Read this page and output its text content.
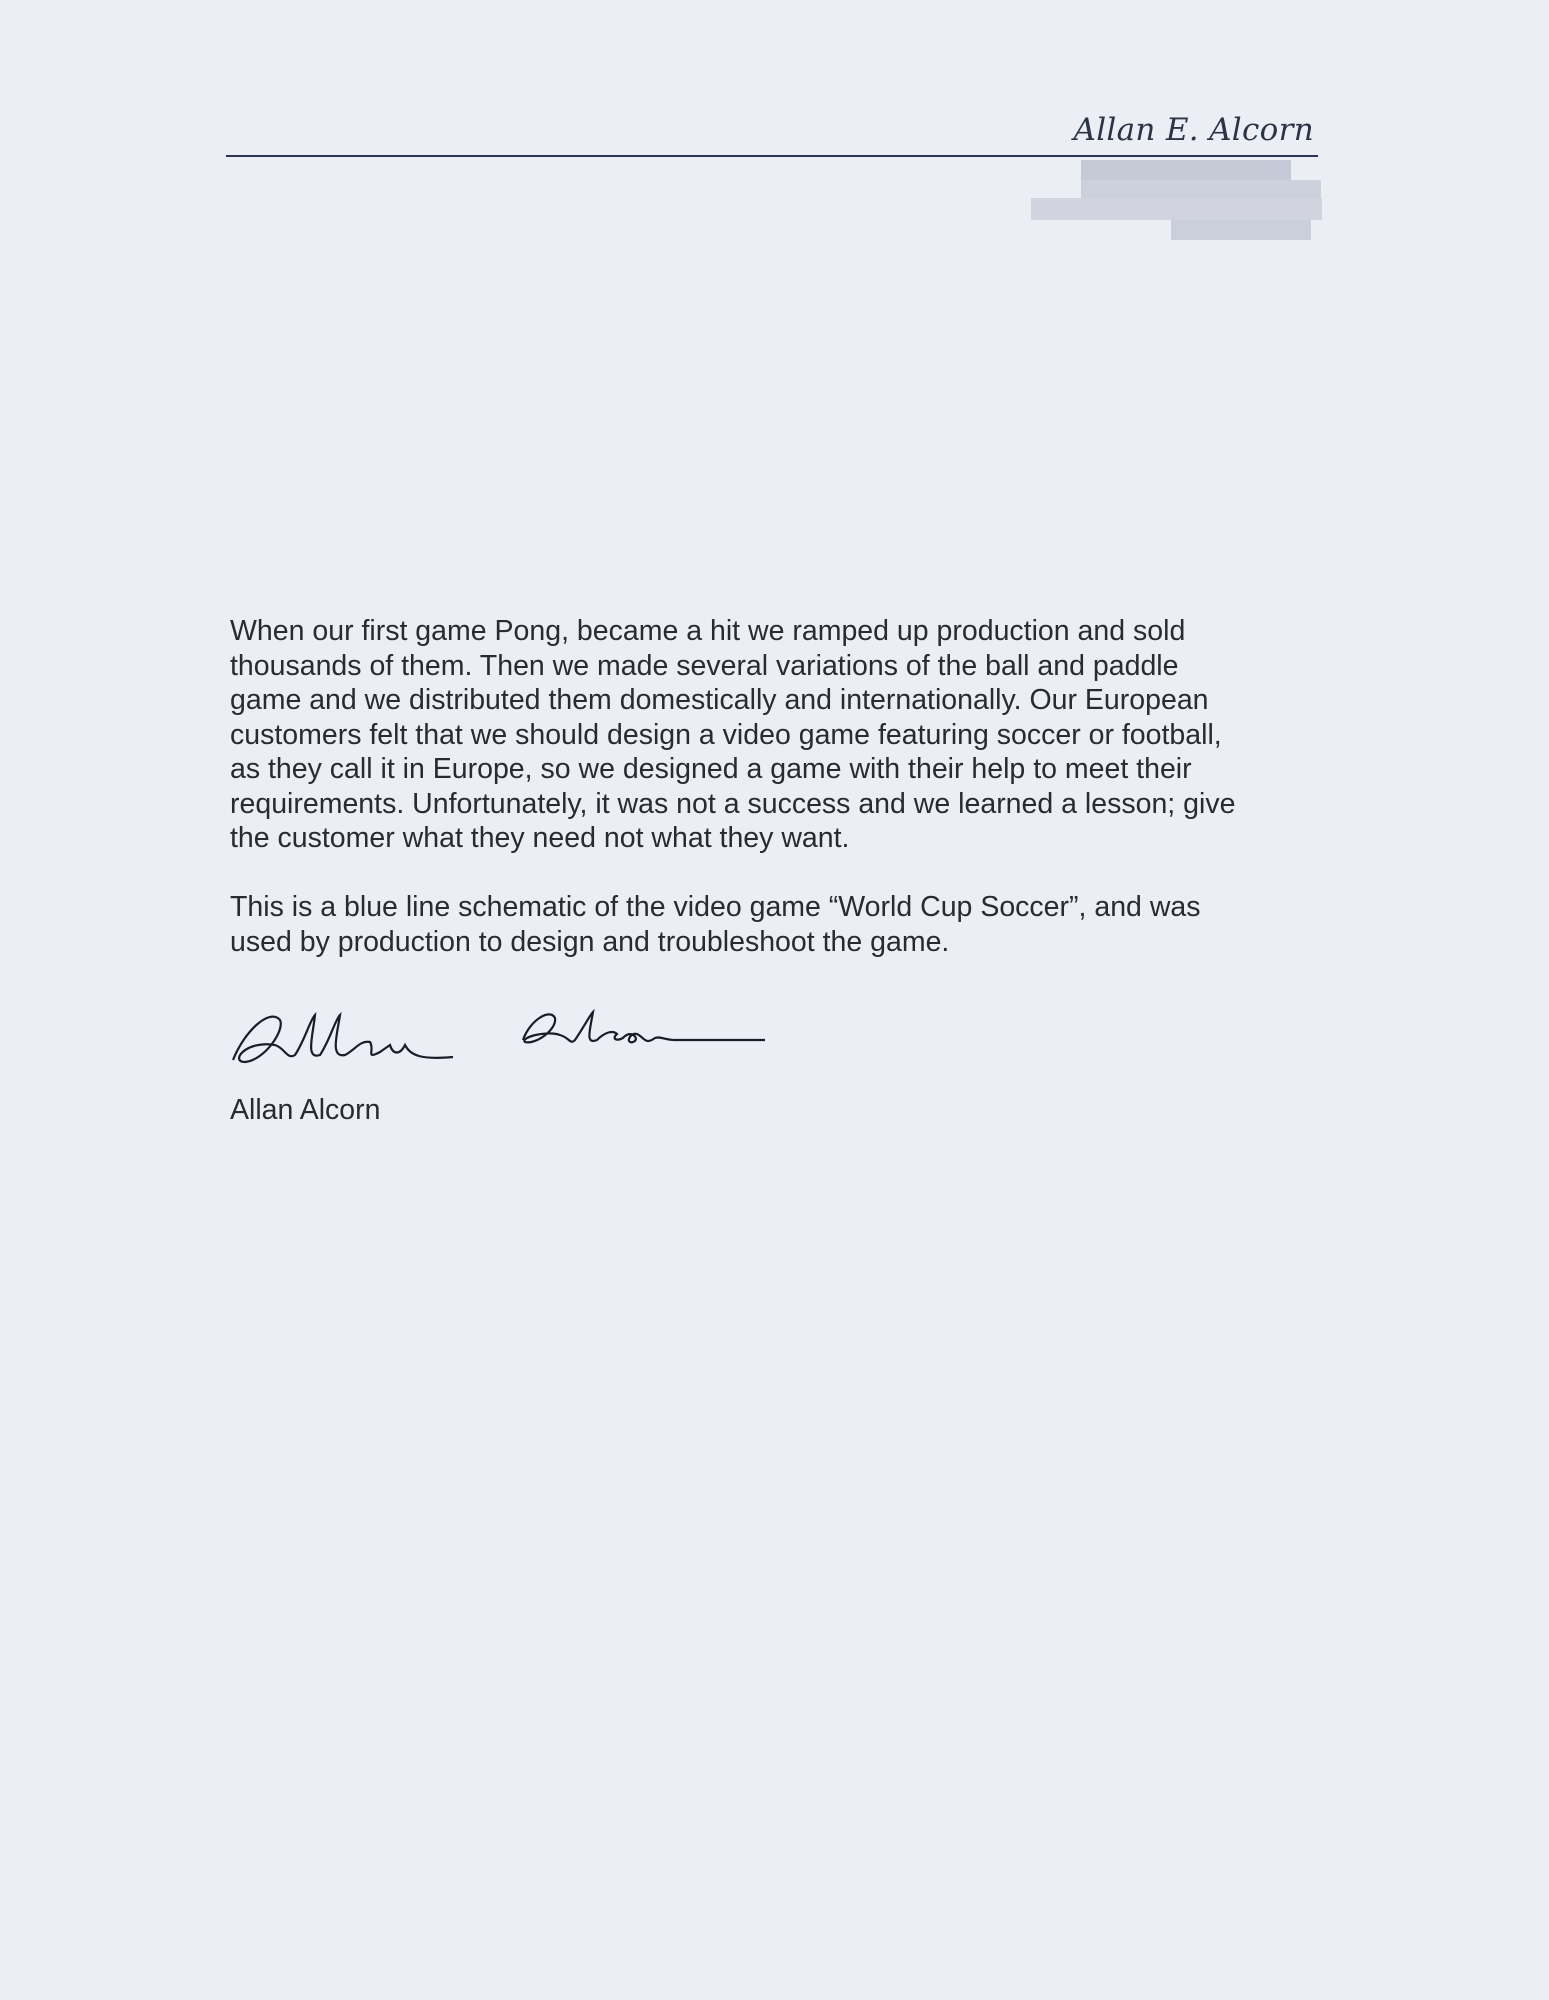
Allan E. Alcorn

When our first game Pong, became a hit we ramped up production and sold
thousands of them. Then we made several variations of the ball and paddle
game and we distributed them domestically and internationally. Our European
customers felt that we should design a video game featuring soccer or football,
as they call it in Europe, so we designed a game with their help to meet their
requirements. Unfortunately, it was not a success and we learned a lesson; give
the customer what they need not what they want.

This is a blue line schematic of the video game “World Cup Soccer”, and was
used by production to design and troubleshoot the game.

Allan Alcorn
